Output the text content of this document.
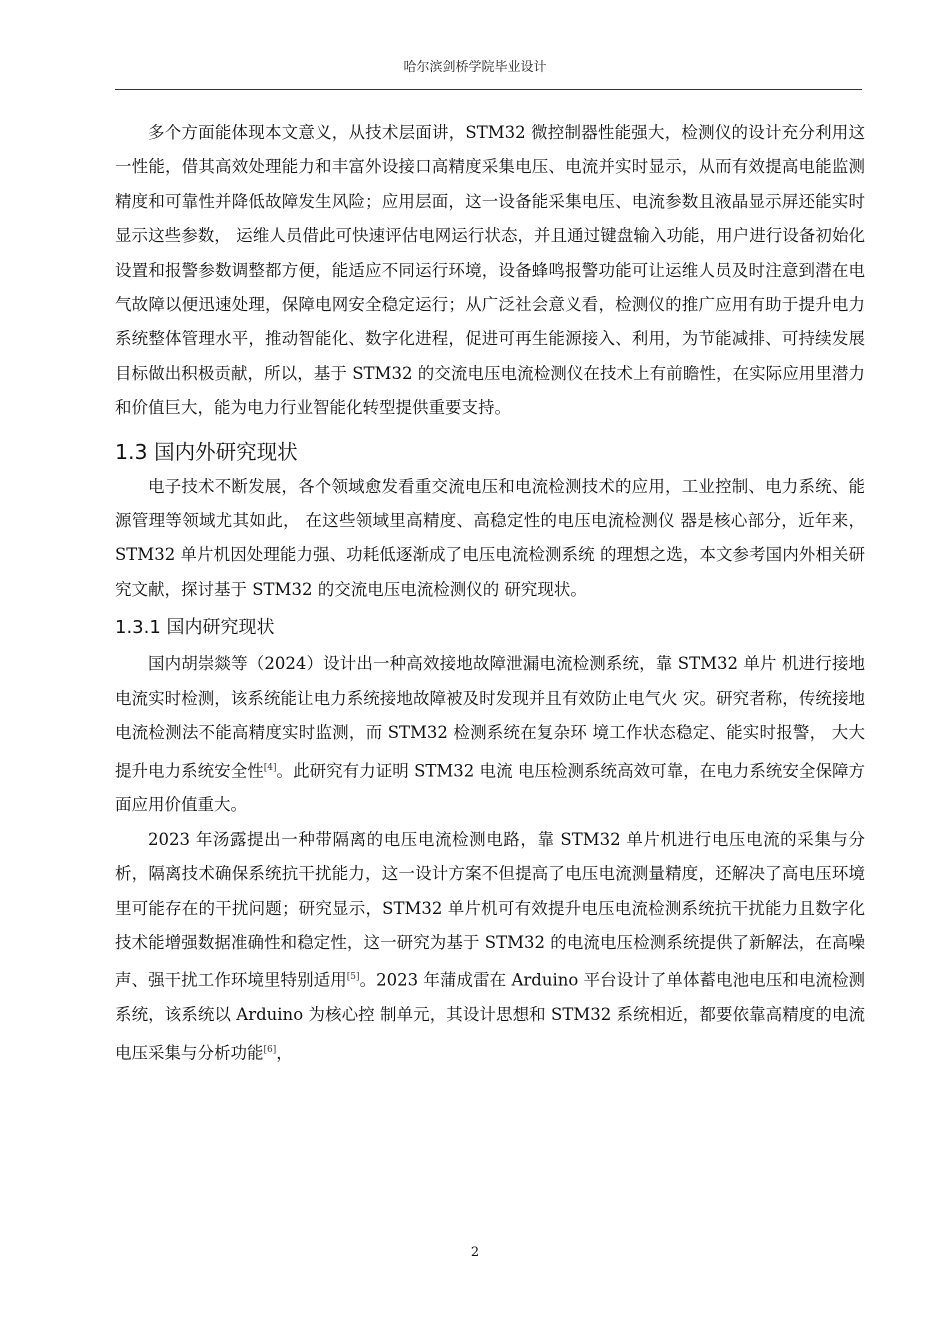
哈尔滨剑桥学院毕业设计

多个方面能体现本文意义，从技术层面讲，STM32 微控制器性能强大，检测仪的设计充分利用这一性能，借其高效处理能力和丰富外设接口高精度采集电压、电流并实时显示，从而有效提高电能监测精度和可靠性并降低故障发生风险；应用层面，这一设备能采集电压、电流参数且液晶显示屏还能实时显示这些参数， 运维人员借此可快速评估电网运行状态，并且通过键盘输入功能，用户进行设备初始化设置和报警参数调整都方便，能适应不同运行环境，设备蜂鸣报警功能可让运维人员及时注意到潜在电气故障以便迅速处理，保障电网安全稳定运行；从广泛社会意义看，检测仪的推广应用有助于提升电力系统整体管理水平，推动智能化、数字化进程，促进可再生能源接入、利用，为节能减排、可持续发展目标做出积极贡献，所以，基于 STM32 的交流电压电流检测仪在技术上有前瞻性，在实际应用里潜力和价值巨大，能为电力行业智能化转型提供重要支持。

1.3 国内外研究现状

电子技术不断发展，各个领域愈发看重交流电压和电流检测技术的应用，工业控制、电力系统、能源管理等领域尤其如此， 在这些领域里高精度、高稳定性的电压电流检测仪 器是核心部分，近年来，STM32 单片机因处理能力强、功耗低逐渐成了电压电流检测系统 的理想之选，本文参考国内外相关研究文献，探讨基于 STM32 的交流电压电流检测仪的 研究现状。

1.3.1 国内研究现状

国内胡崇燚等（2024）设计出一种高效接地故障泄漏电流检测系统，靠 STM32 单片 机进行接地电流实时检测，该系统能让电力系统接地故障被及时发现并且有效防止电气火 灾。研究者称，传统接地电流检测法不能高精度实时监测，而 STM32 检测系统在复杂环 境工作状态稳定、能实时报警， 大大提升电力系统安全性[4]。此研究有力证明 STM32 电流 电压检测系统高效可靠，在电力系统安全保障方面应用价值重大。

2023 年汤露提出一种带隔离的电压电流检测电路，靠 STM32 单片机进行电压电流的采集与分析，隔离技术确保系统抗干扰能力，这一设计方案不但提高了电压电流测量精度，还解决了高电压环境里可能存在的干扰问题；研究显示，STM32 单片机可有效提升电压电流检测系统抗干扰能力且数字化技术能增强数据准确性和稳定性，这一研究为基于 STM32 的电流电压检测系统提供了新解法，在高噪声、强干扰工作环境里特别适用[5]。2023 年蒲成雷在 Arduino 平台设计了单体蓄电池电压和电流检测系统，该系统以 Arduino 为核心控 制单元，其设计思想和 STM32 系统相近，都要依靠高精度的电流电压采集与分析功能[6]，

2
